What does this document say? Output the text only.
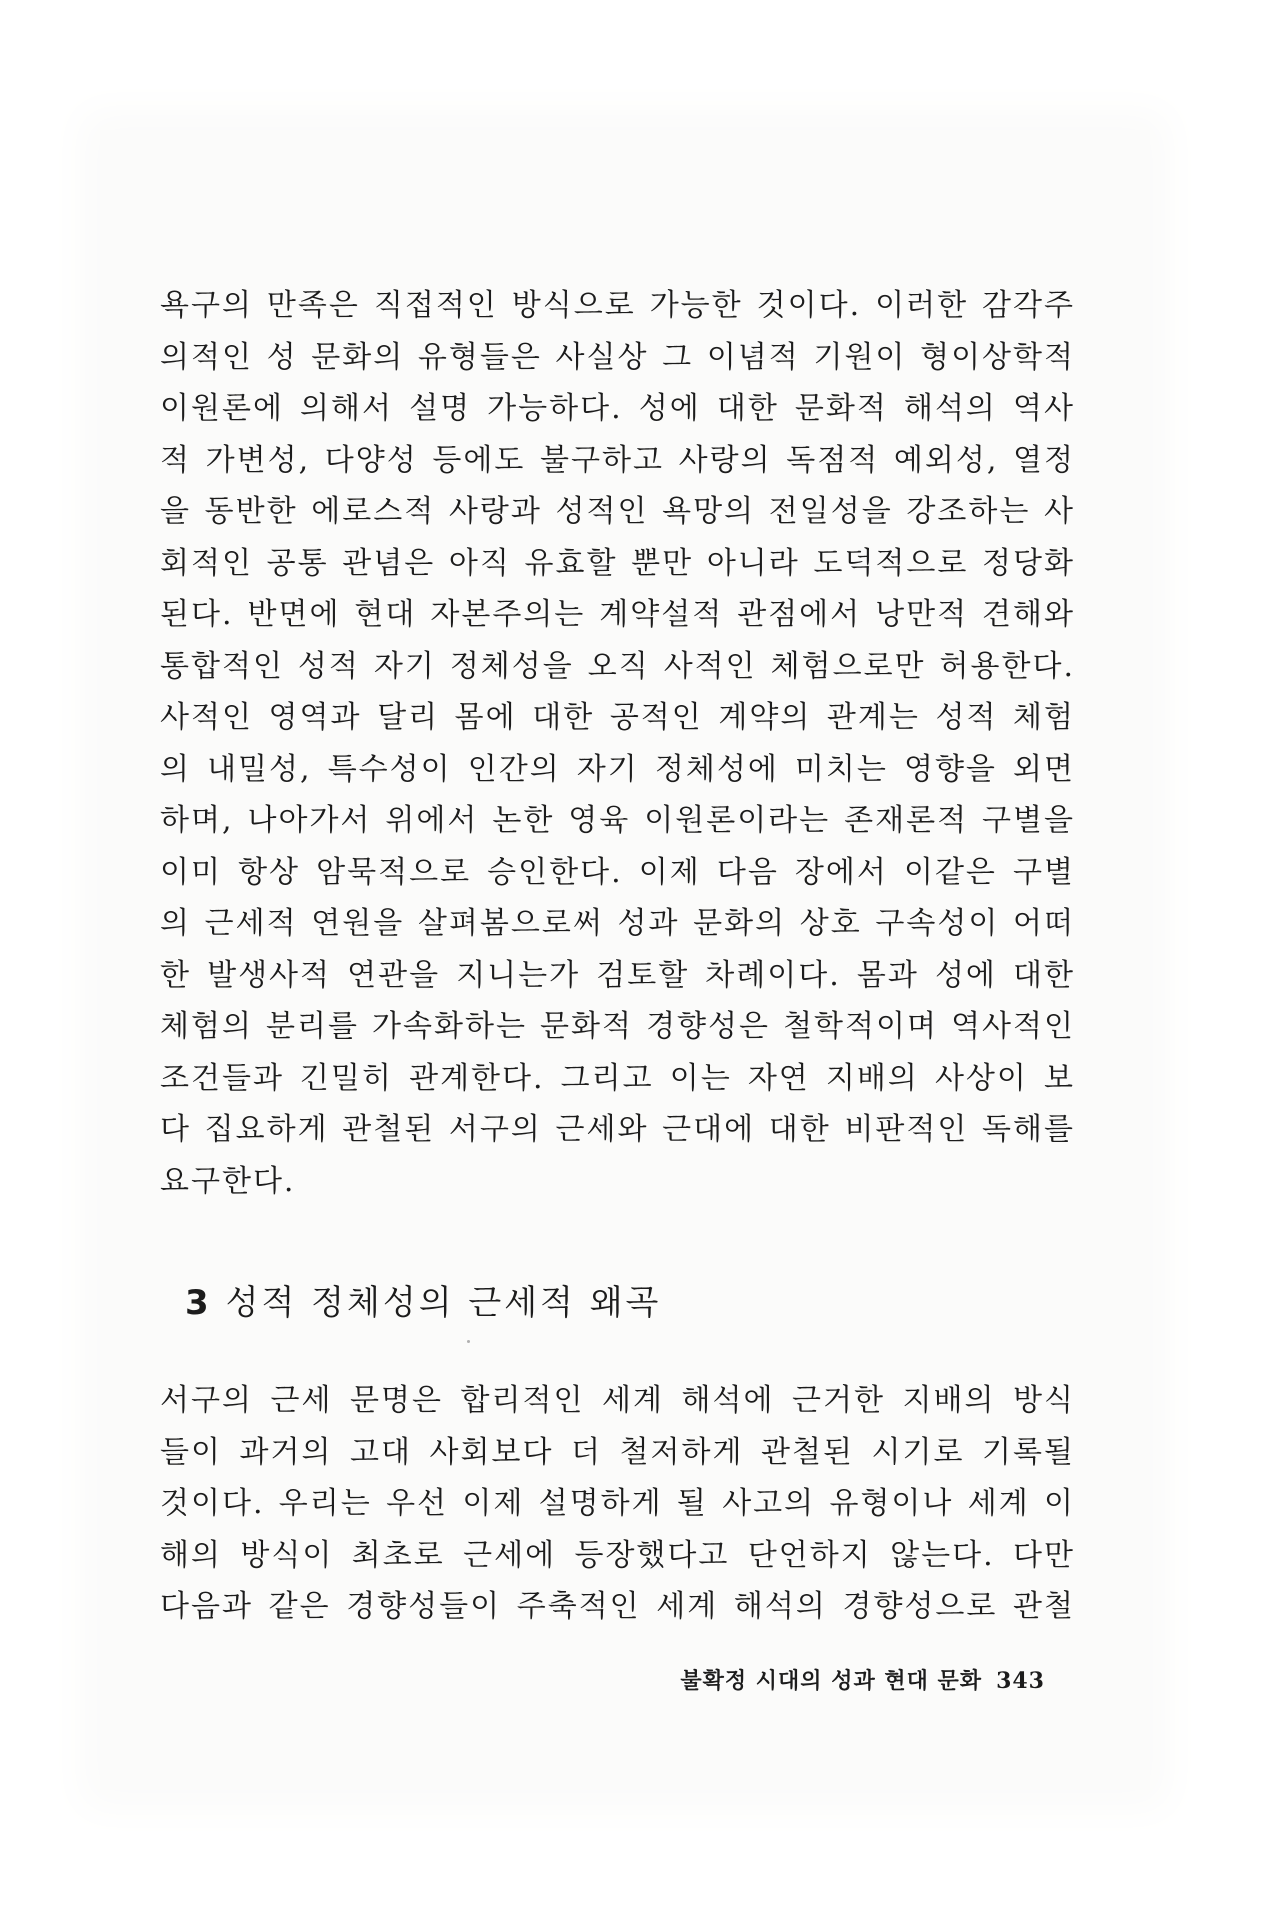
욕구의 만족은 직접적인 방식으로 가능한 것이다. 이러한 감각주
의적인 성 문화의 유형들은 사실상 그 이념적 기원이 형이상학적
이원론에 의해서 설명 가능하다. 성에 대한 문화적 해석의 역사
적 가변성, 다양성 등에도 불구하고 사랑의 독점적 예외성, 열정
을 동반한 에로스적 사랑과 성적인 욕망의 전일성을 강조하는 사
회적인 공통 관념은 아직 유효할 뿐만 아니라 도덕적으로 정당화
된다. 반면에 현대 자본주의는 계약설적 관점에서 낭만적 견해와
통합적인 성적 자기 정체성을 오직 사적인 체험으로만 허용한다.
사적인 영역과 달리 몸에 대한 공적인 계약의 관계는 성적 체험
의 내밀성, 특수성이 인간의 자기 정체성에 미치는 영향을 외면
하며, 나아가서 위에서 논한 영육 이원론이라는 존재론적 구별을
이미 항상 암묵적으로 승인한다. 이제 다음 장에서 이같은 구별
의 근세적 연원을 살펴봄으로써 성과 문화의 상호 구속성이 어떠
한 발생사적 연관을 지니는가 검토할 차례이다. 몸과 성에 대한
체험의 분리를 가속화하는 문화적 경향성은 철학적이며 역사적인
조건들과 긴밀히 관계한다. 그리고 이는 자연 지배의 사상이 보
다 집요하게 관철된 서구의 근세와 근대에 대한 비판적인 독해를
요구한다.
3 성적 정체성의 근세적 왜곡
서구의 근세 문명은 합리적인 세계 해석에 근거한 지배의 방식
들이 과거의 고대 사회보다 더 철저하게 관철된 시기로 기록될
것이다. 우리는 우선 이제 설명하게 될 사고의 유형이나 세계 이
해의 방식이 최초로 근세에 등장했다고 단언하지 않는다. 다만
다음과 같은 경향성들이 주축적인 세계 해석의 경향성으로 관철
불확정 시대의 성과 현대 문화 343
